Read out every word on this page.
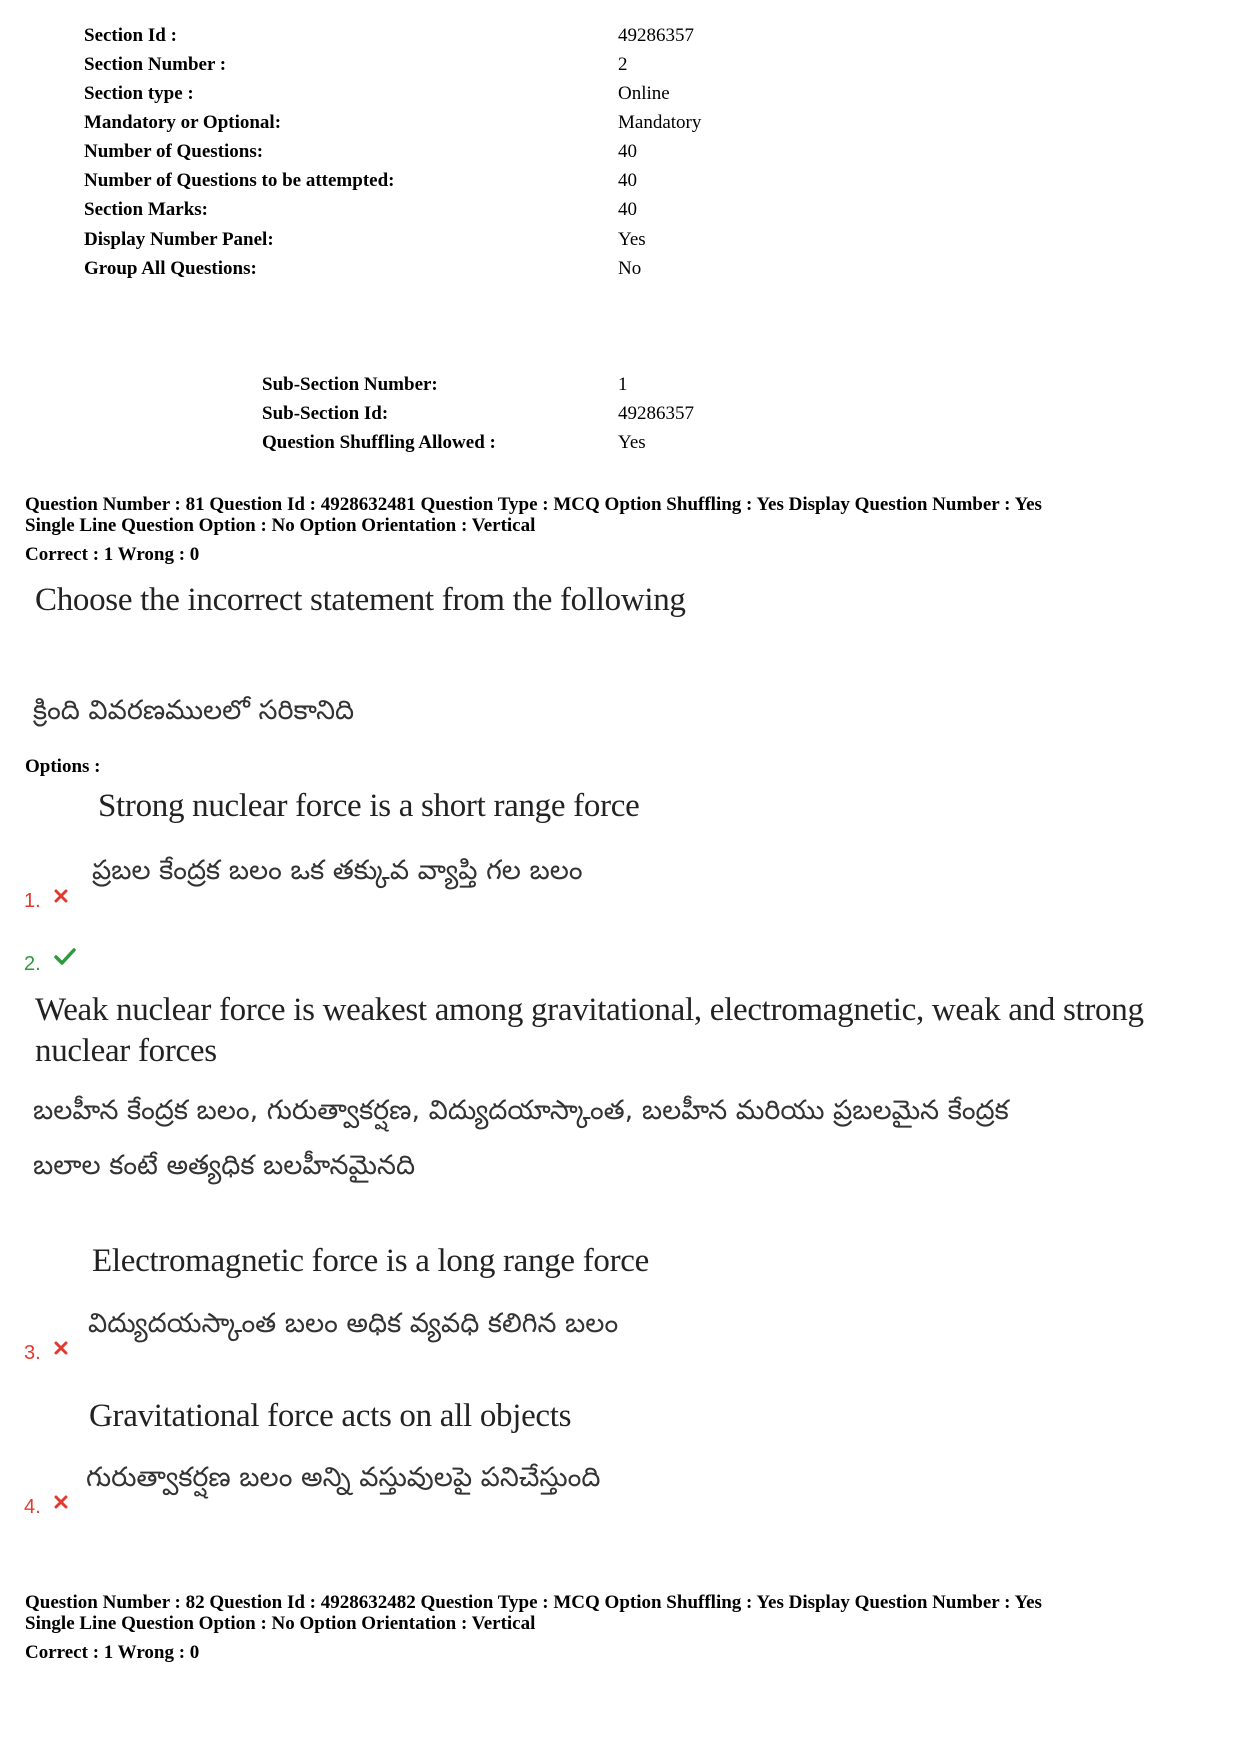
Section Id :	49286357
Section Number :	2
Section type :	Online
Mandatory or Optional:	Mandatory
Number of Questions:	40
Number of Questions to be attempted:	40
Section Marks:	40
Display Number Panel:	Yes
Group All Questions:	No
Sub-Section Number:	1
Sub-Section Id:	49286357
Question Shuffling Allowed :	Yes
Question Number : 81 Question Id : 4928632481 Question Type : MCQ Option Shuffling : Yes Display Question Number : Yes
Single Line Question Option : No Option Orientation : Vertical
Correct : 1 Wrong : 0
Choose the incorrect statement from the following
క్రింది వివరణములలో సరికానిది
Options :
Strong nuclear force is a short range force
ప్రబల కేంద్రక బలం ఒక తక్కువ వ్యాప్తి గల బలం
1.
2.
Weak nuclear force is weakest among gravitational, electromagnetic, weak and strong
nuclear forces
బలహీన కేంద్రక బలం, గురుత్వాకర్షణ, విద్యుదయాస్కాంత, బలహీన మరియు ప్రబలమైన కేంద్రక
బలాల కంటే అత్యధిక బలహీనమైనది
Electromagnetic force is a long range force
విద్యుదయస్కాంత బలం అధిక వ్యవధి కలిగిన బలం
3.
Gravitational force acts on all objects
గురుత్వాకర్షణ బలం అన్ని వస్తువులపై పనిచేస్తుంది
4.
Question Number : 82 Question Id : 4928632482 Question Type : MCQ Option Shuffling : Yes Display Question Number : Yes
Single Line Question Option : No Option Orientation : Vertical
Correct : 1 Wrong : 0
